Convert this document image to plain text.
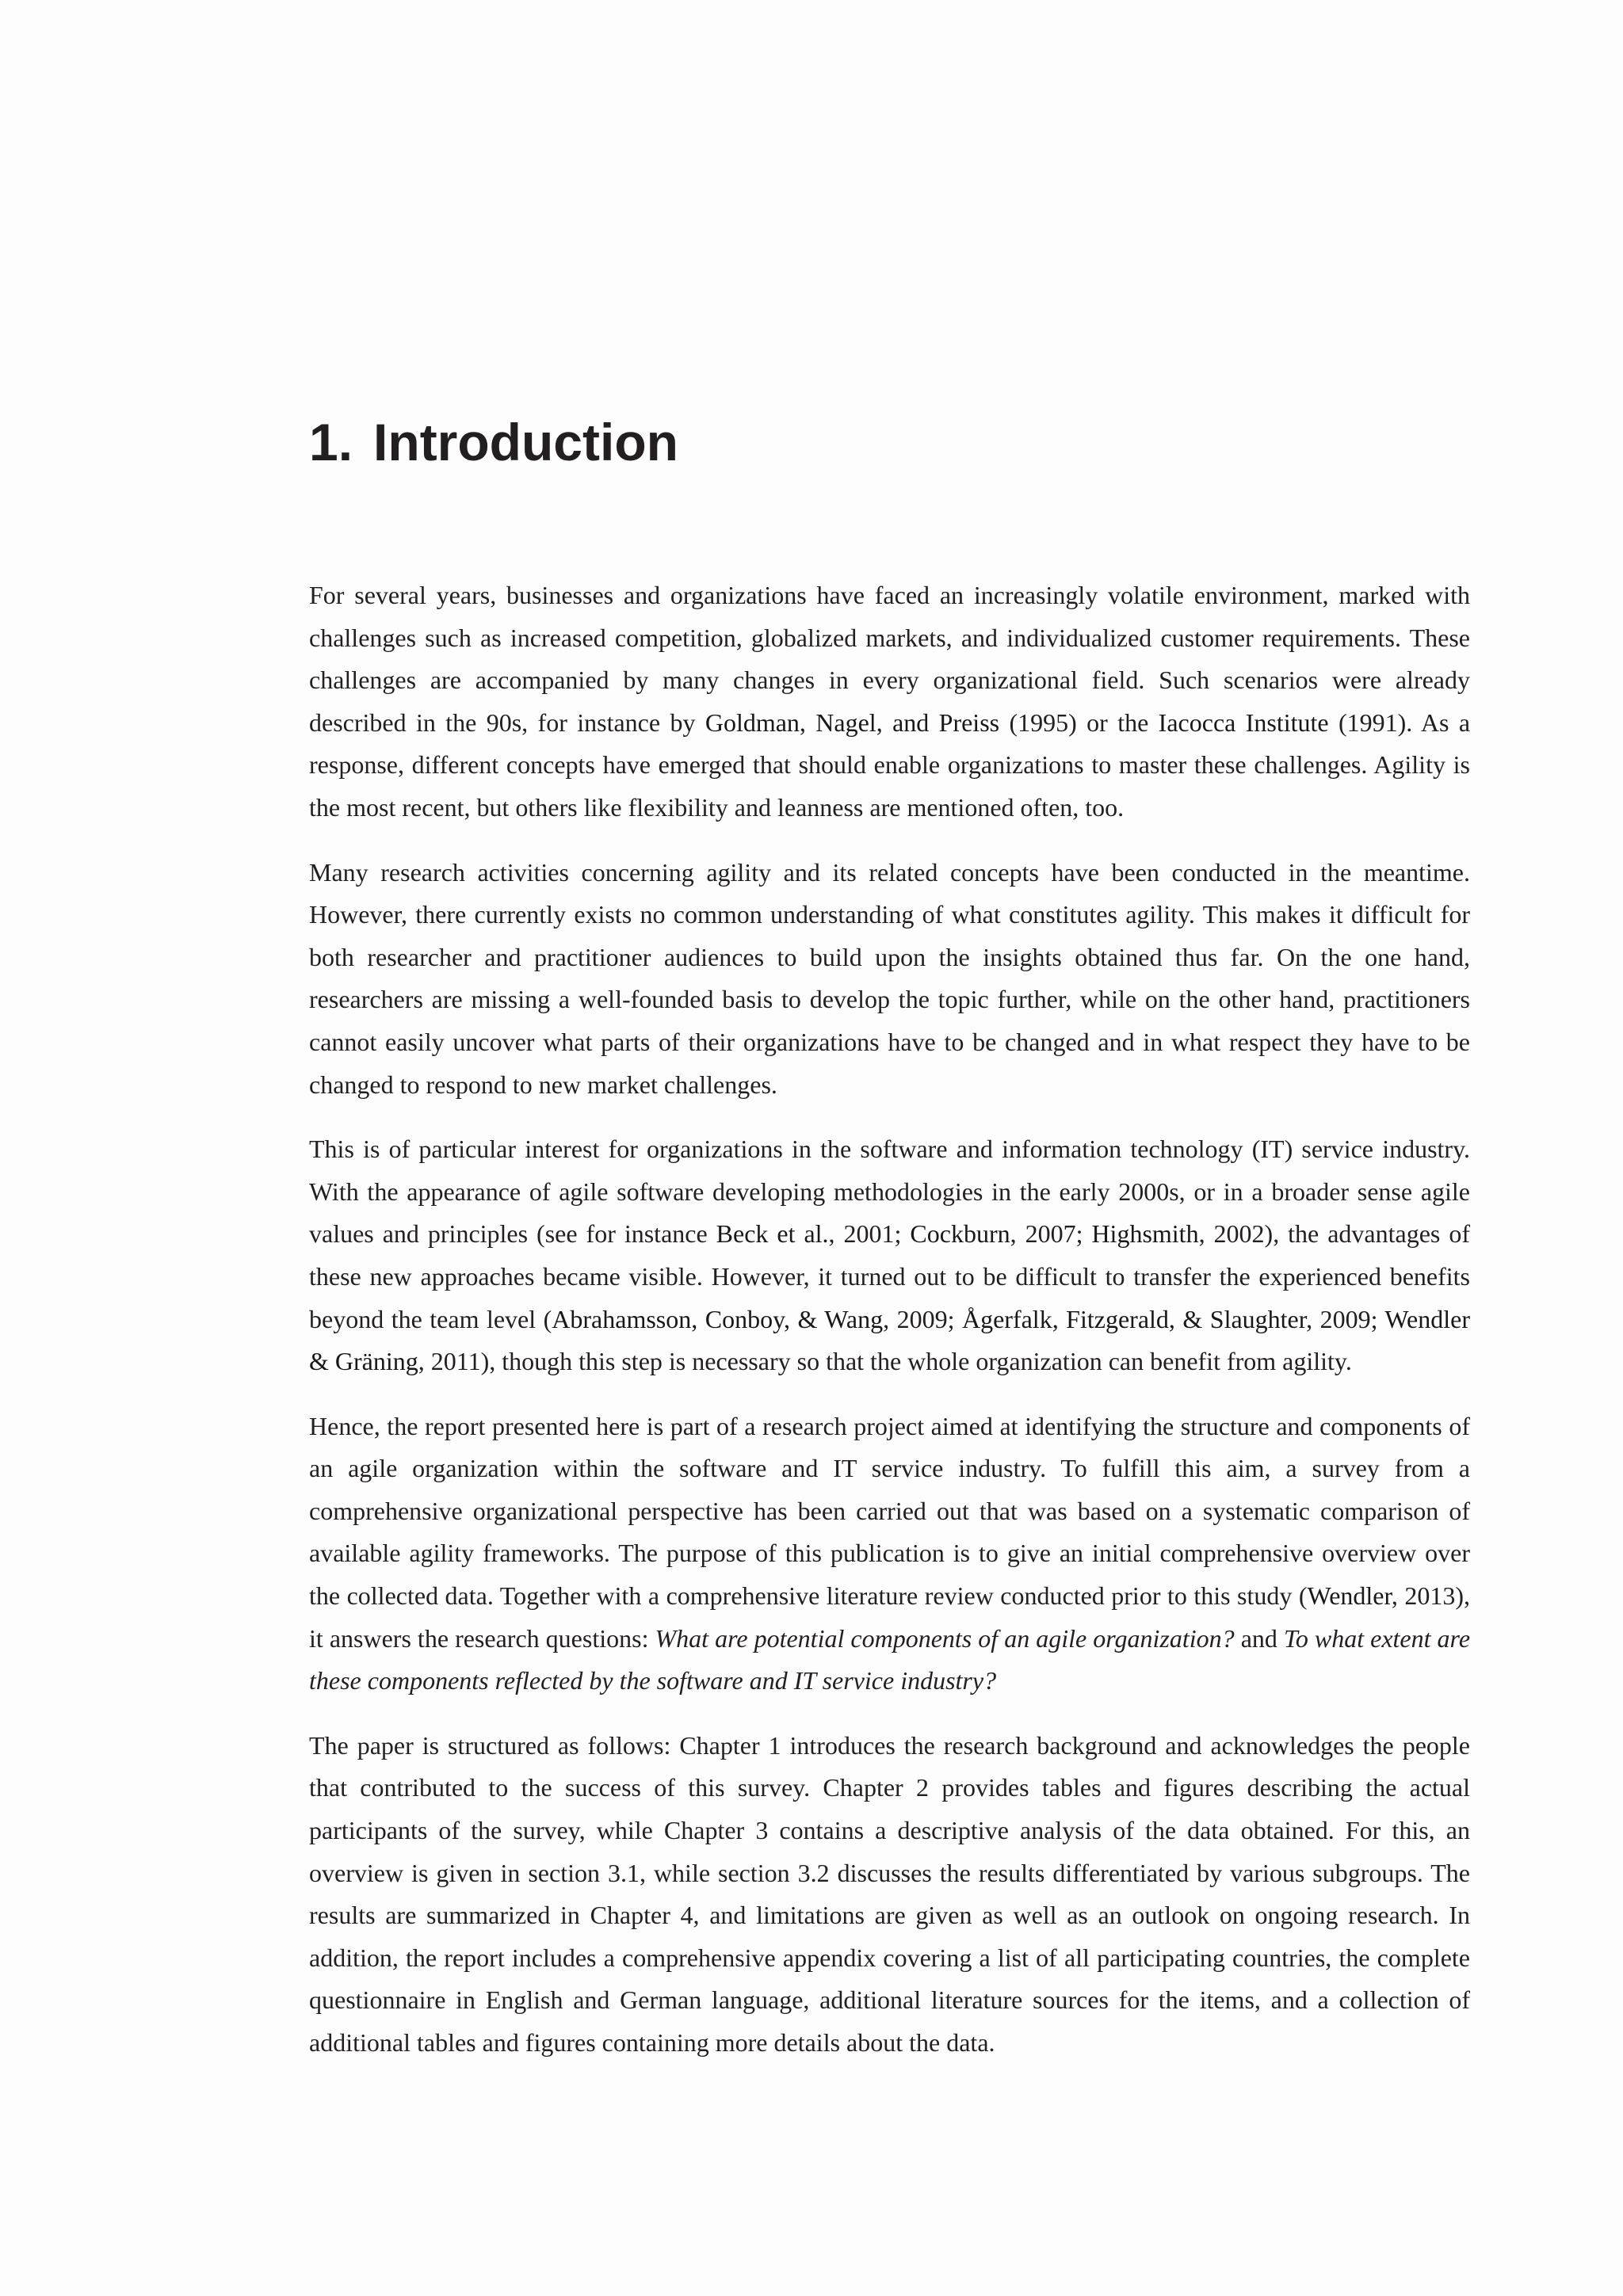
1. Introduction

For several years, businesses and organizations have faced an increasingly volatile environment, marked with challenges such as increased competition, globalized markets, and individualized customer requirements. These challenges are accompanied by many changes in every organizational field. Such scenarios were already described in the 90s, for instance by Goldman, Nagel, and Preiss (1995) or the Iacocca Institute (1991). As a response, different concepts have emerged that should enable organizations to master these challenges. Agility is the most recent, but others like flexibility and leanness are mentioned often, too.

Many research activities concerning agility and its related concepts have been conducted in the meantime. However, there currently exists no common understanding of what constitutes agility. This makes it difficult for both researcher and practitioner audiences to build upon the insights obtained thus far. On the one hand, researchers are missing a well-founded basis to develop the topic further, while on the other hand, practitioners cannot easily uncover what parts of their organizations have to be changed and in what respect they have to be changed to respond to new market challenges.

This is of particular interest for organizations in the software and information technology (IT) service industry. With the appearance of agile software developing methodologies in the early 2000s, or in a broader sense agile values and principles (see for instance Beck et al., 2001; Cockburn, 2007; Highsmith, 2002), the advantages of these new approaches became visible. However, it turned out to be difficult to transfer the experienced benefits beyond the team level (Abrahamsson, Conboy, & Wang, 2009; Ågerfalk, Fitzgerald, & Slaughter, 2009; Wendler & Gräning, 2011), though this step is necessary so that the whole organization can benefit from agility.

Hence, the report presented here is part of a research project aimed at identifying the structure and components of an agile organization within the software and IT service industry. To fulfill this aim, a survey from a comprehensive organizational perspective has been carried out that was based on a systematic comparison of available agility frameworks. The purpose of this publication is to give an initial comprehensive overview over the collected data. Together with a comprehensive literature review conducted prior to this study (Wendler, 2013), it answers the research questions: What are potential components of an agile organization? and To what extent are these components reflected by the software and IT service industry?

The paper is structured as follows: Chapter 1 introduces the research background and acknowledges the people that contributed to the success of this survey. Chapter 2 provides tables and figures describing the actual participants of the survey, while Chapter 3 contains a descriptive analysis of the data obtained. For this, an overview is given in section 3.1, while section 3.2 discusses the results differentiated by various subgroups. The results are summarized in Chapter 4, and limitations are given as well as an outlook on ongoing research. In addition, the report includes a comprehensive appendix covering a list of all participating countries, the complete questionnaire in English and German language, additional literature sources for the items, and a collection of additional tables and figures containing more details about the data.
